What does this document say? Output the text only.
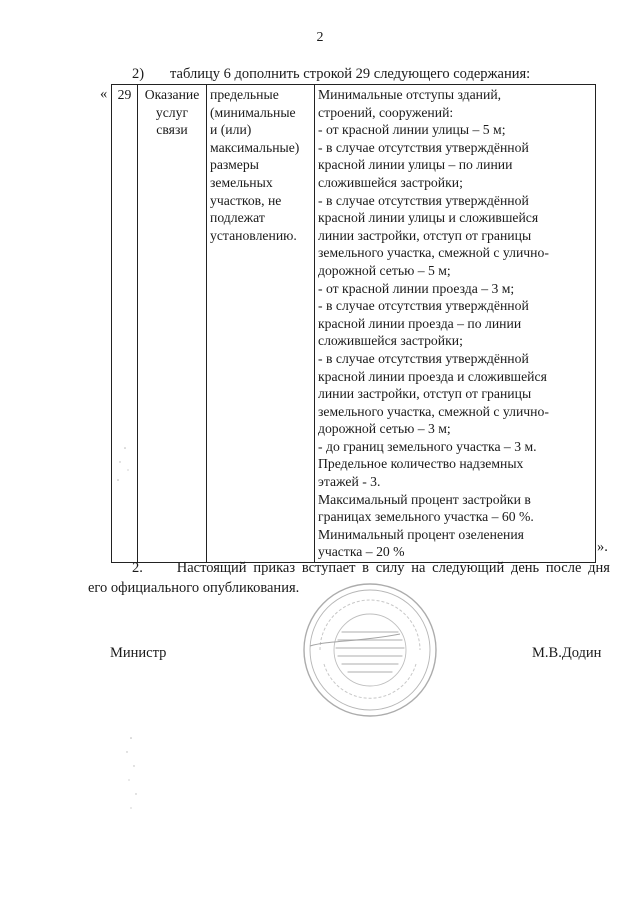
2
2) таблицу 6 дополнить строкой 29 следующего содержания:
« 29	Оказание
услуг
связи

предельные
(минимальные
и (или)
максимальные)
размеры
земельных
участков, не
подлежат
установлению.

Минимальные отступы зданий,
строений, сооружений:
- от красной линии улицы – 5 м;
- в случае отсутствия утверждённой
красной линии улицы – по линии
сложившейся застройки;
- в случае отсутствия утверждённой
красной линии улицы и сложившейся
линии застройки, отступ от границы
земельного участка, смежной с улично-
дорожной сетью – 5 м;
- от красной линии проезда – 3 м;
- в случае отсутствия утверждённой
красной линии проезда – по линии
сложившейся застройки;
- в случае отсутствия утверждённой
красной линии проезда и сложившейся
линии застройки, отступ от границы
земельного участка, смежной с улично-
дорожной сетью – 3 м;
- до границ земельного участка – 3 м.
Предельное количество надземных
этажей - 3.
Максимальный процент застройки в
границах земельного участка – 60 %.
Минимальный процент озеленения
участка – 20 %	».
2.	Настоящий приказ вступает в силу на следующий день после дня
его официального опубликования.
Министр	М.В.Додин
